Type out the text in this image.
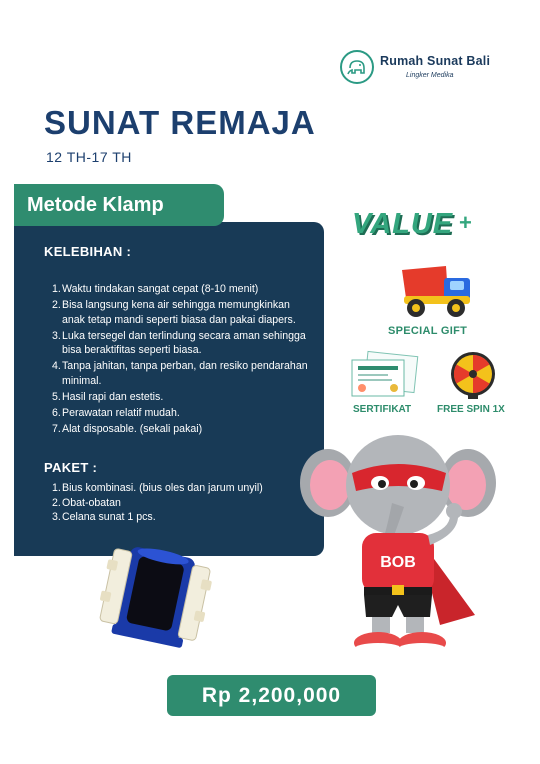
Rumah Sunat Bali
Lingker Medika
SUNAT REMAJA
12 TH-17 TH
Metode Klamp
KELEBIHAN :
1. Waktu tindakan sangat cepat (8-10 menit)
2. Bisa langsung kena air sehingga memungkinkan anak tetap mandi seperti biasa dan pakai diapers.
3. Luka tersegel dan terlindung secara aman sehingga bisa beraktifitas seperti biasa.
4. Tanpa jahitan, tanpa perban, dan resiko pendarahan minimal.
5. Hasil rapi dan estetis.
6. Perawatan relatif mudah.
7. Alat disposable. (sekali pakai)
PAKET :
1. Bius kombinasi. (bius oles dan jarum unyil)
2. Obat-obatan
3. Celana sunat 1 pcs.
VALUE +
SPECIAL GIFT
SERTIFIKAT	FREE SPIN 1X
BOB
Rp 2,200,000
